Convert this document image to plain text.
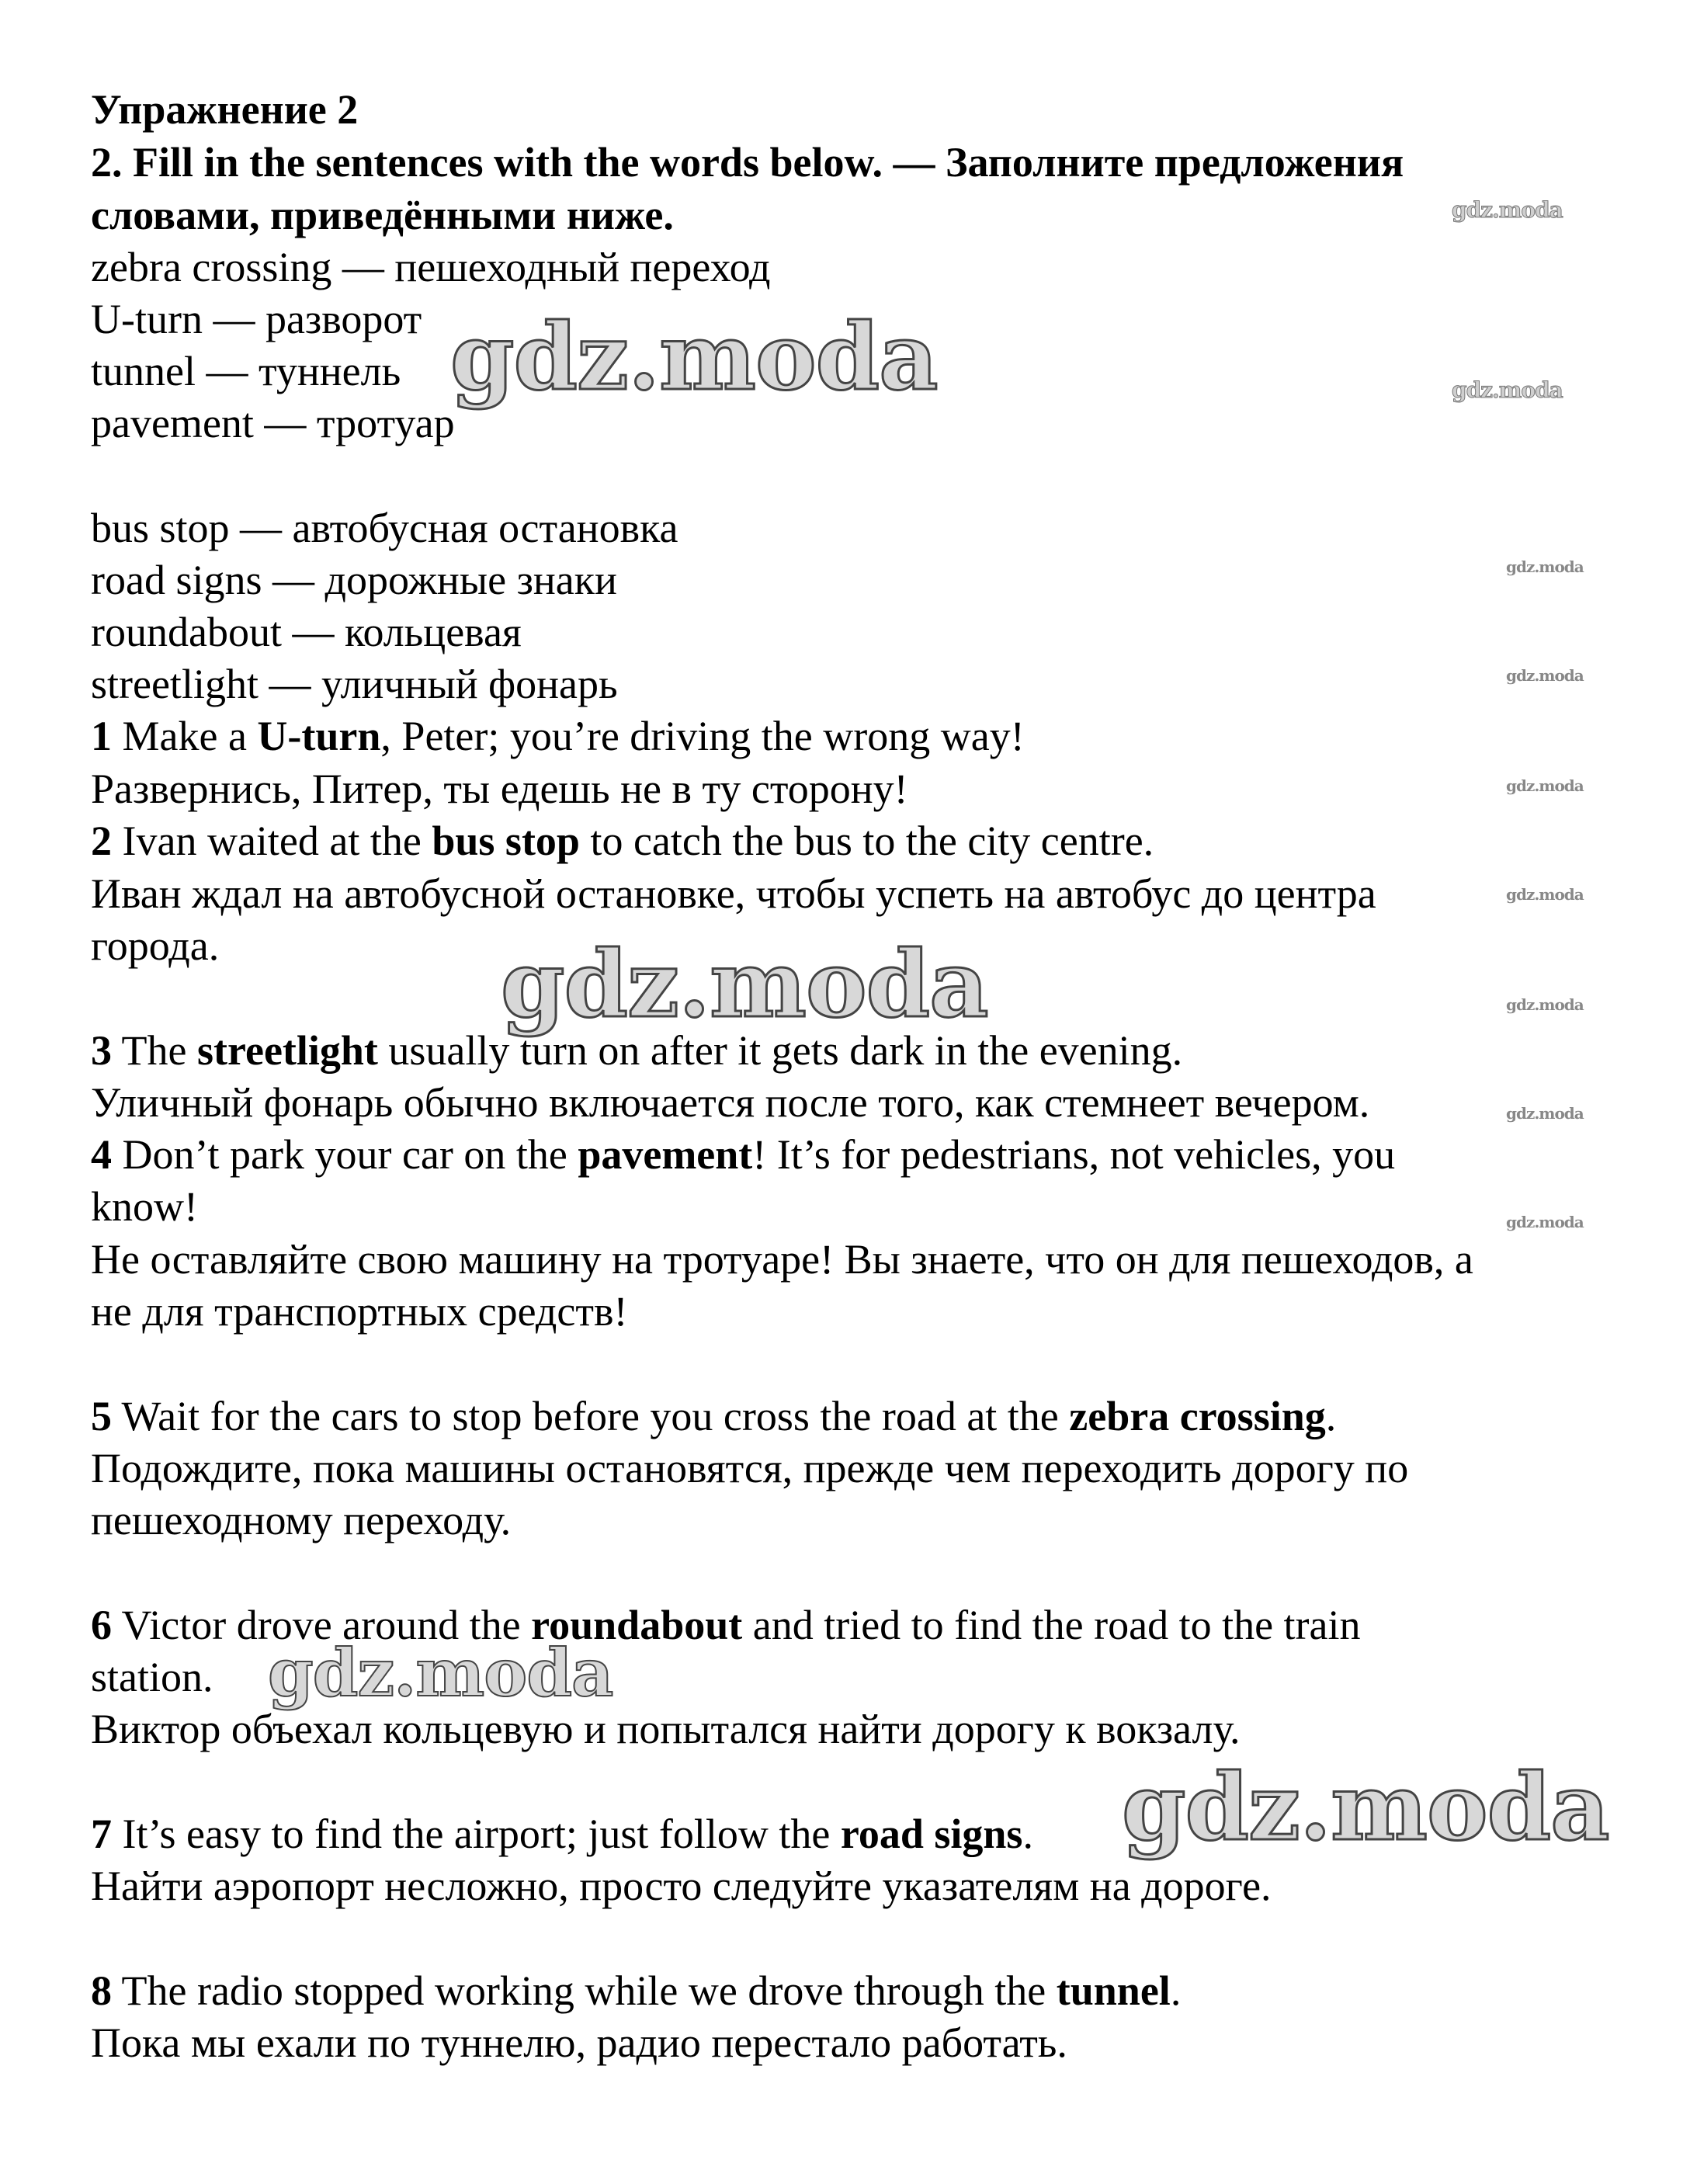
Упражнение 2
2. Fill in the sentences with the words below. — Заполните предложения
словами, приведёнными ниже.
zebra crossing — пешеходный переход
U-turn — разворот
tunnel — туннель
pavement — тротуар
bus stop — автобусная остановка
road signs — дорожные знаки
roundabout — кольцевая
streetlight — уличный фонарь
1 Make a U-turn, Peter; you’re driving the wrong way!
Развернись, Питер, ты едешь не в ту сторону!
2 Ivan waited at the bus stop to catch the bus to the city centre.
Иван ждал на автобусной остановке, чтобы успеть на автобус до центра
города.
3 The streetlight usually turn on after it gets dark in the evening.
Уличный фонарь обычно включается после того, как стемнеет вечером.
4 Don’t park your car on the pavement! It’s for pedestrians, not vehicles, you
know!
Не оставляйте свою машину на тротуаре! Вы знаете, что он для пешеходов, а
не для транспортных средств!
5 Wait for the cars to stop before you cross the road at the zebra crossing.
Подождите, пока машины остановятся, прежде чем переходить дорогу по
пешеходному переходу.
6 Victor drove around the roundabout and tried to find the road to the train
station.
Виктор объехал кольцевую и попытался найти дорогу к вокзалу.
7 It’s easy to find the airport; just follow the road signs.
Найти аэропорт несложно, просто следуйте указателям на дороге.
8 The radio stopped working while we drove through the tunnel.
Пока мы ехали по туннелю, радио перестало работать.
gdz.moda
gdz.moda
gdz.moda
gdz.moda
gdz.moda
gdz.moda
gdz.moda
gdz.moda
gdz.moda
gdz.moda
gdz.moda
gdz.moda
gdz.moda
